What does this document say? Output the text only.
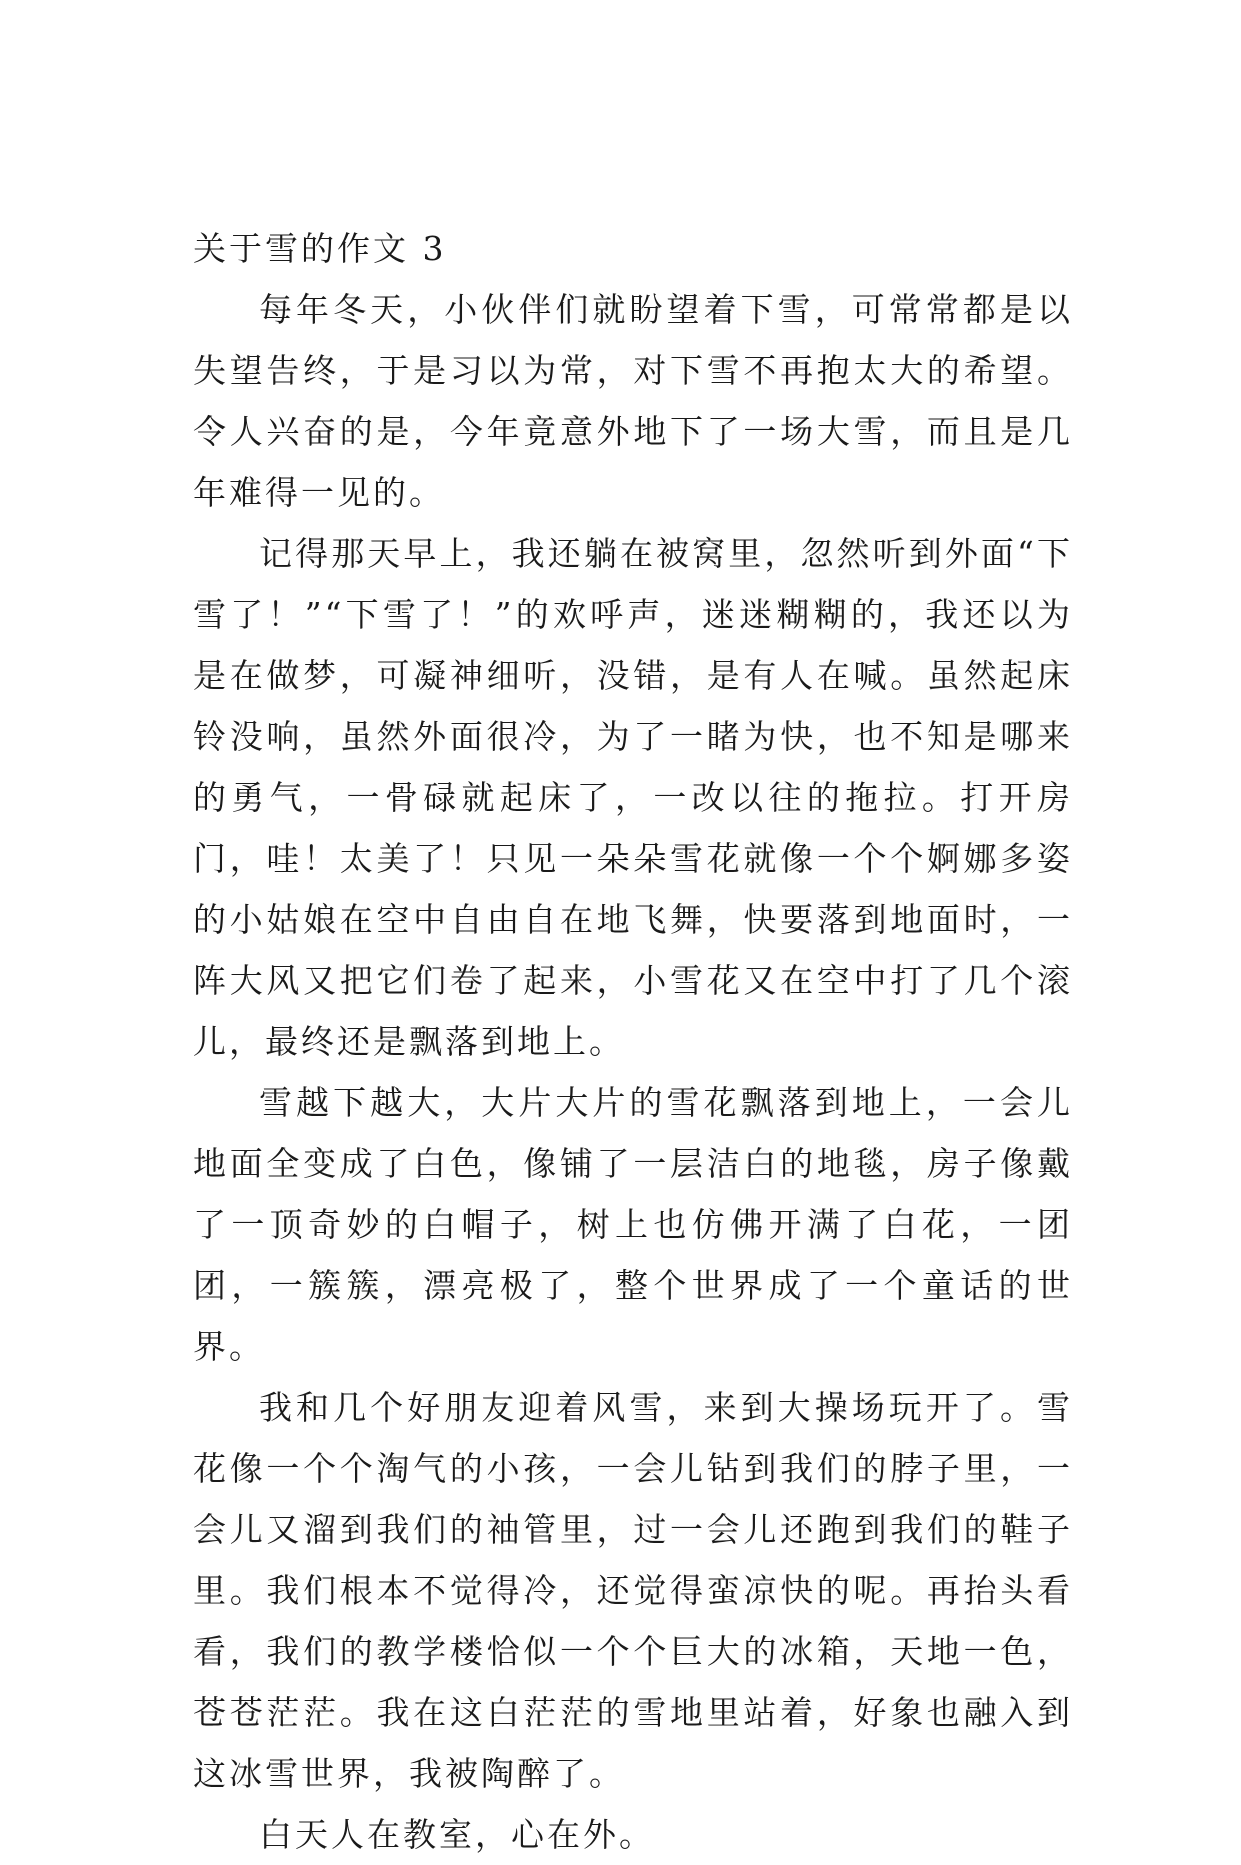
关于雪的作文 3

每年冬天，小伙伴们就盼望着下雪，可常常都是以失望告终，于是习以为常，对下雪不再抱太大的希望。令人兴奋的是，今年竟意外地下了一场大雪，而且是几年难得一见的。

记得那天早上，我还躺在被窝里，忽然听到外面“下雪了！”“下雪了！”的欢呼声，迷迷糊糊的，我还以为是在做梦，可凝神细听，没错，是有人在喊。虽然起床铃没响，虽然外面很冷，为了一睹为快，也不知是哪来的勇气，一骨碌就起床了，一改以往的拖拉。打开房门，哇！太美了！只见一朵朵雪花就像一个个婀娜多姿的小姑娘在空中自由自在地飞舞，快要落到地面时，一阵大风又把它们卷了起来，小雪花又在空中打了几个滚儿，最终还是飘落到地上。

雪越下越大，大片大片的雪花飘落到地上，一会儿地面全变成了白色，像铺了一层洁白的地毯，房子像戴了一顶奇妙的白帽子，树上也仿佛开满了白花，一团团，一簇簇，漂亮极了，整个世界成了一个童话的世界。

我和几个好朋友迎着风雪，来到大操场玩开了。雪花像一个个淘气的小孩，一会儿钻到我们的脖子里，一会儿又溜到我们的袖管里，过一会儿还跑到我们的鞋子里。我们根本不觉得冷，还觉得蛮凉快的呢。再抬头看看，我们的教学楼恰似一个个巨大的冰箱，天地一色，苍苍茫茫。我在这白茫茫的雪地里站着，好象也融入到这冰雪世界，我被陶醉了。

白天人在教室，心在外。
